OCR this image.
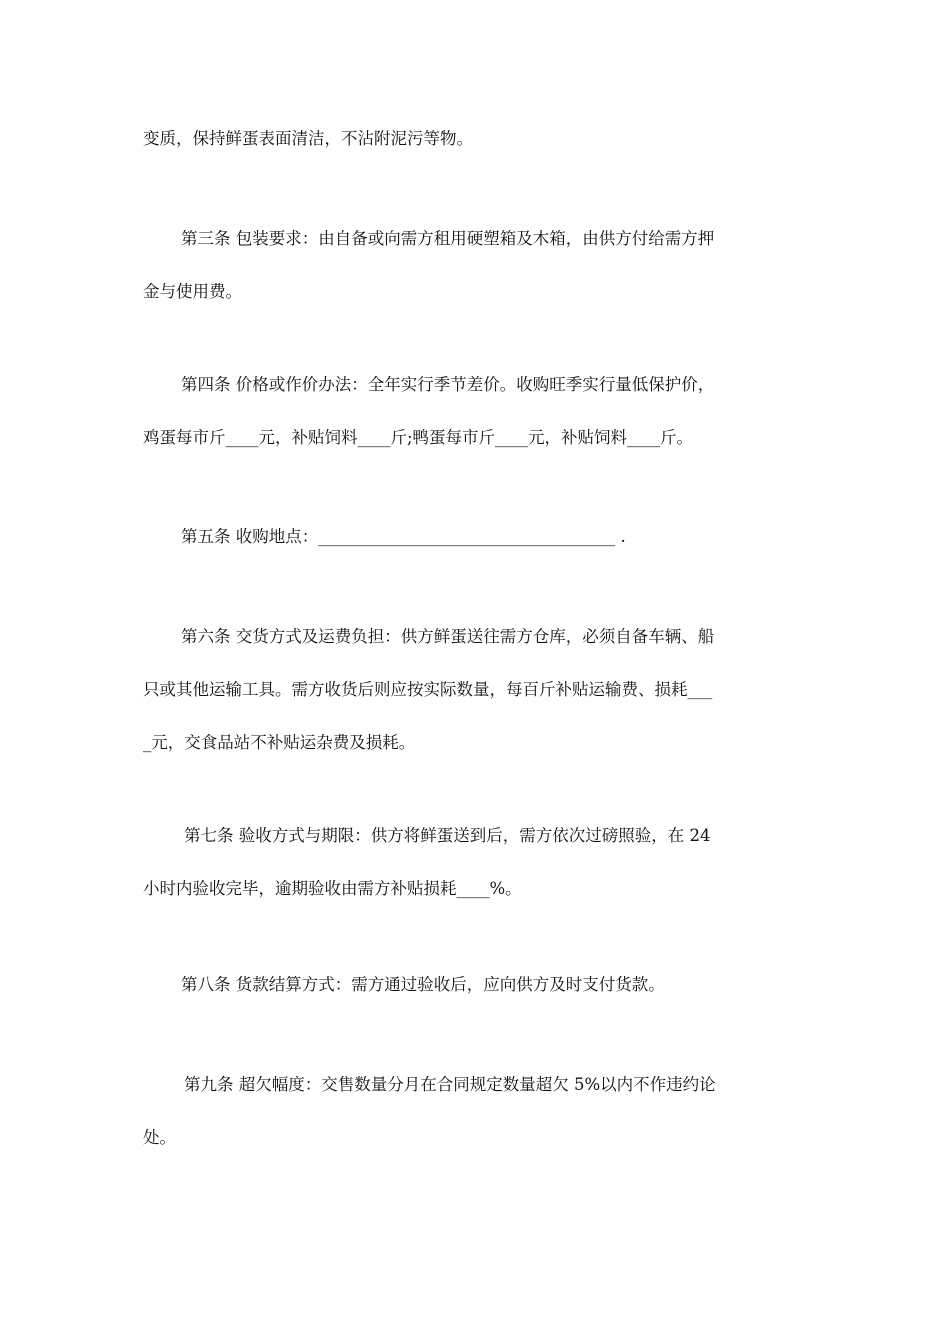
变质，保持鲜蛋表面清洁，不沾附泥污等物。
第三条 包装要求：由自备或向需方租用硬塑箱及木箱，由供方付给需方押
金与使用费。
第四条 价格或作价办法：全年实行季节差价。收购旺季实行量低保护价，
鸡蛋每市斤____元，补贴饲料____斤;鸭蛋每市斤____元，补贴饲料____斤。
第五条 收购地点：____________________________________ .
第六条 交货方式及运费负担：供方鲜蛋送往需方仓库，必须自备车辆、船
只或其他运输工具。需方收货后则应按实际数量，每百斤补贴运输费、损耗___
_元，交食品站不补贴运杂费及损耗。
第七条 验收方式与期限：供方将鲜蛋送到后，需方依次过磅照验，在 24
小时内验收完毕，逾期验收由需方补贴损耗____%。
第八条 货款结算方式：需方通过验收后，应向供方及时支付货款。
第九条 超欠幅度：交售数量分月在合同规定数量超欠 5%以内不作违约论
处。
